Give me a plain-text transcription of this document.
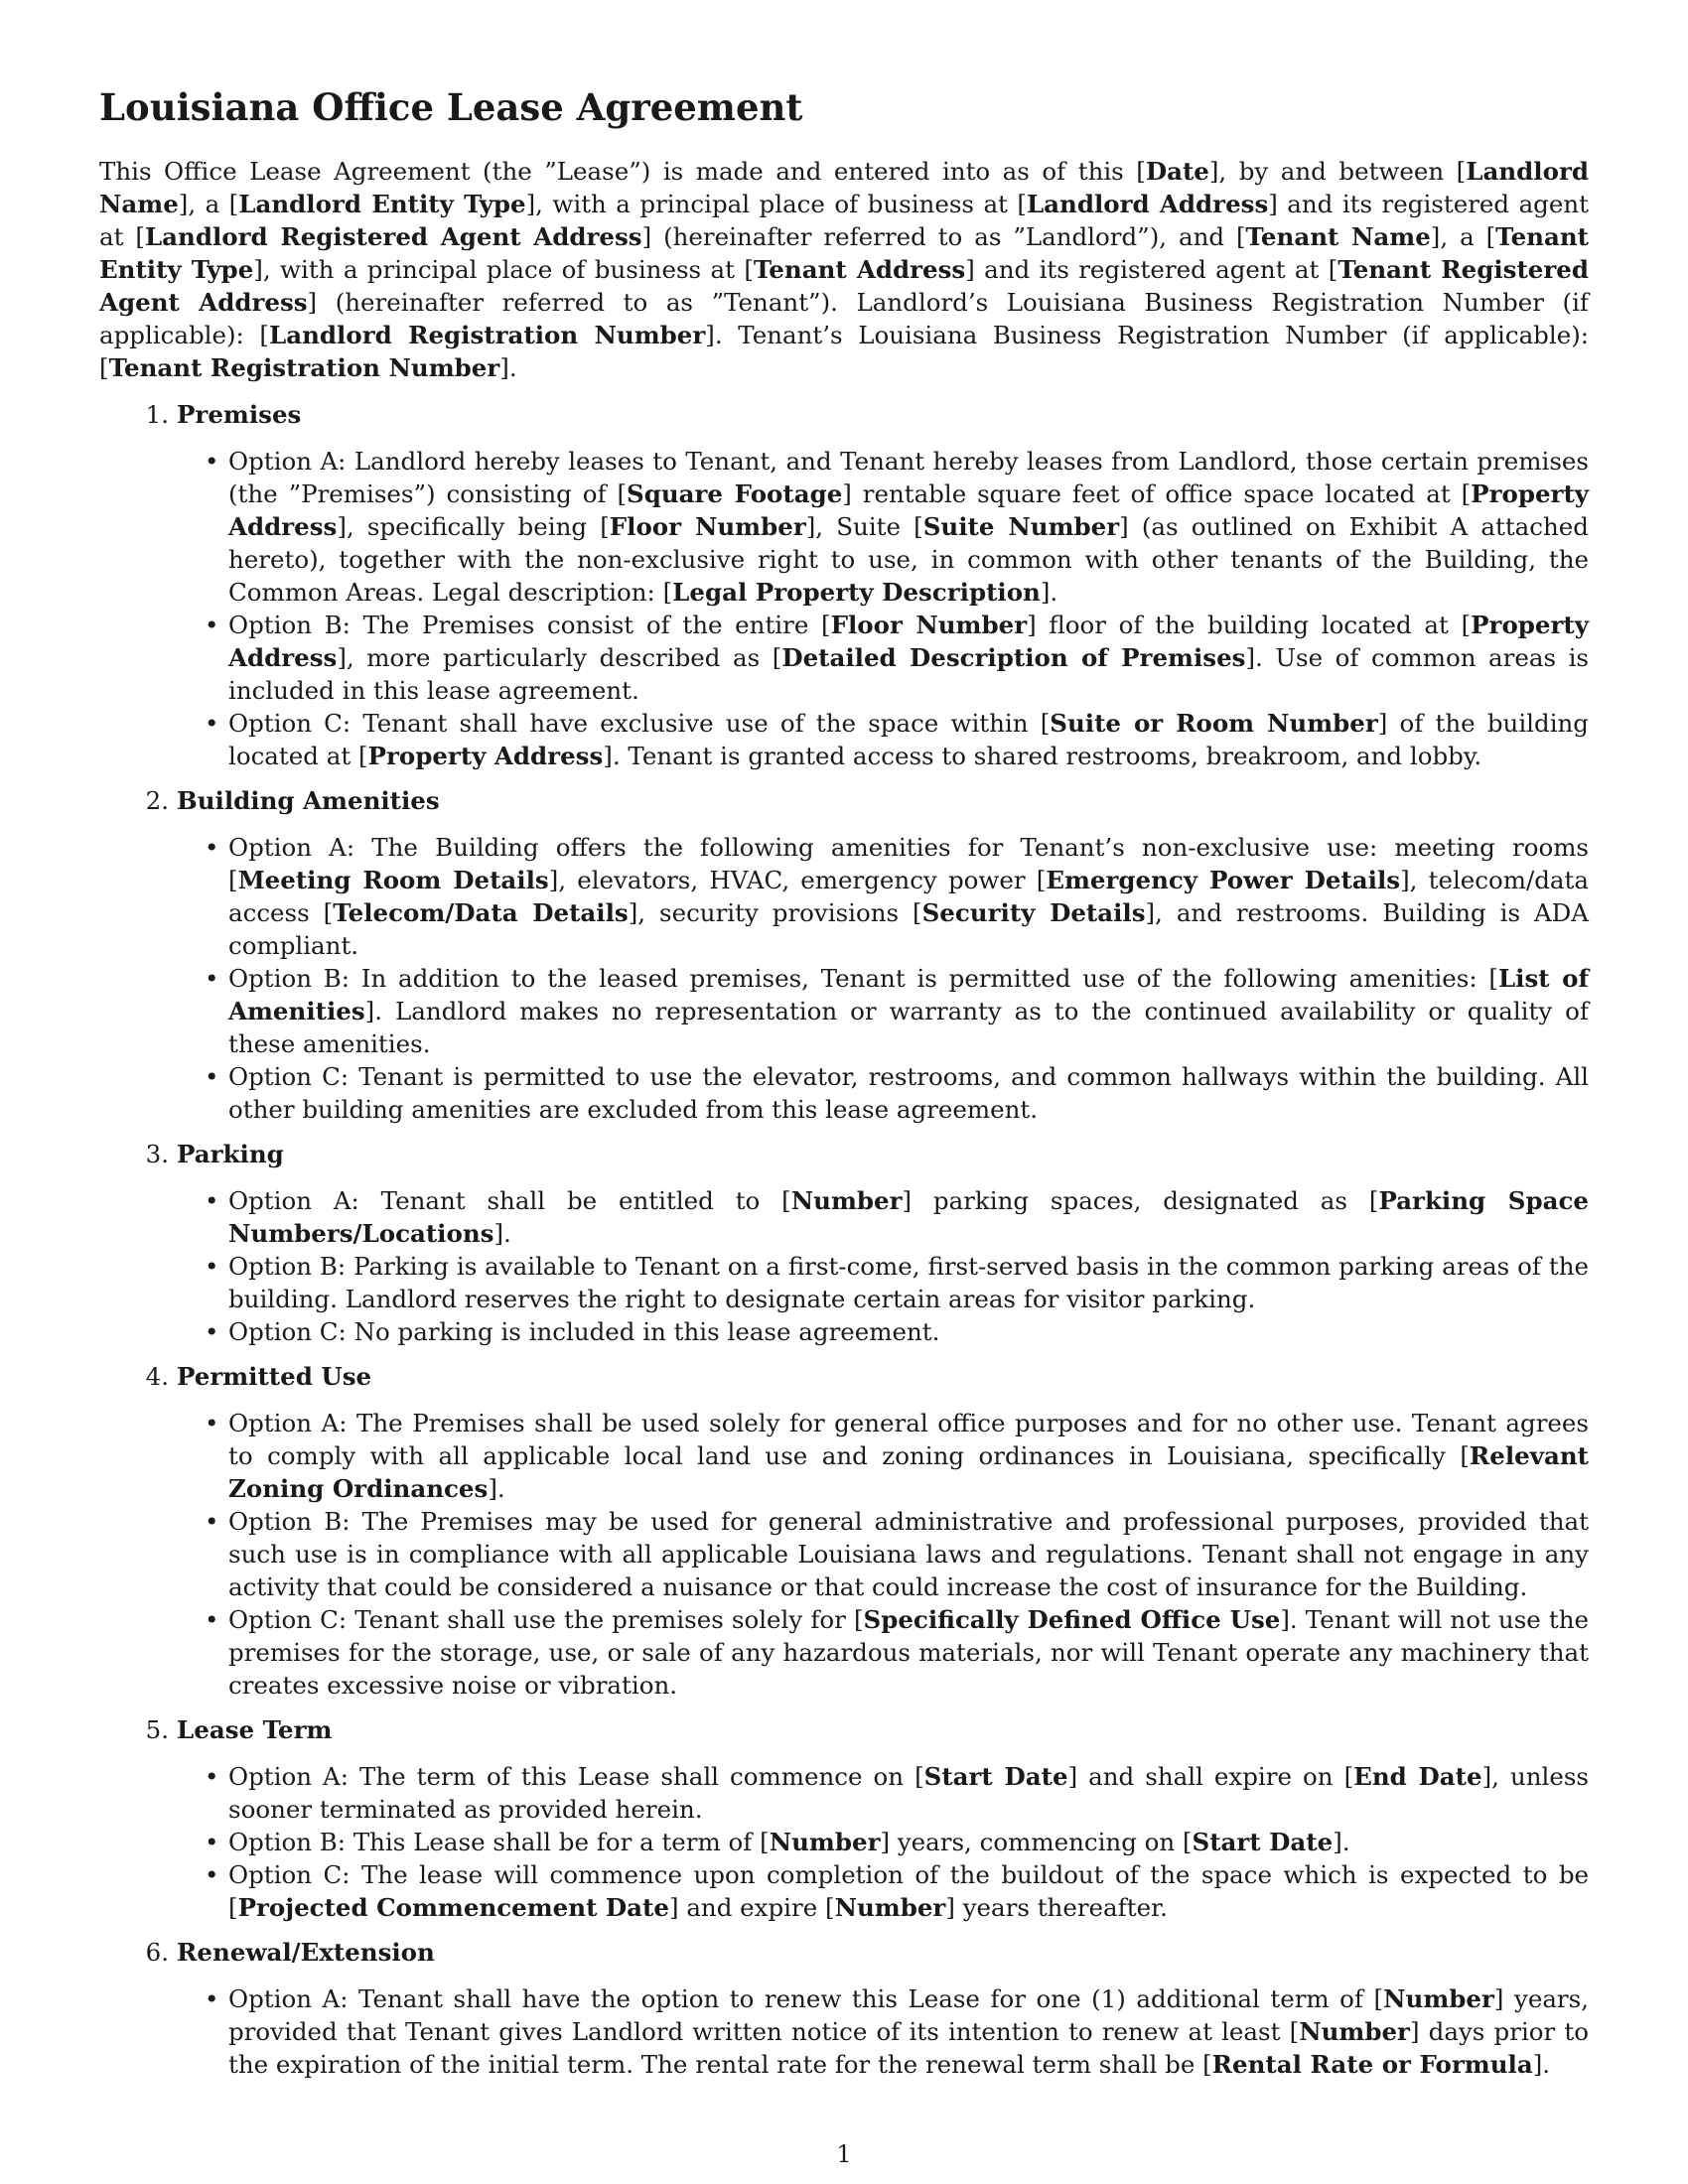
Louisiana Office Lease Agreement

This Office Lease Agreement (the ”Lease”) is made and entered into as of this [Date], by and between [Landlord Name], a [Landlord Entity Type], with a principal place of business at [Landlord Address] and its registered agent at [Landlord Registered Agent Address] (hereinafter referred to as ”Landlord”), and [Tenant Name], a [Tenant Entity Type], with a principal place of business at [Tenant Address] and its registered agent at [Tenant Registered Agent Address] (hereinafter referred to as ”Tenant”). Landlord’s Louisiana Business Registration Number (if applicable): [Landlord Registration Number]. Tenant’s Louisiana Business Registration Number (if applicable): [Tenant Registration Number].

1. Premises
• Option A: Landlord hereby leases to Tenant, and Tenant hereby leases from Landlord, those certain premises (the ”Premises”) consisting of [Square Footage] rentable square feet of office space located at [Property Address], specifically being [Floor Number], Suite [Suite Number] (as outlined on Exhibit A attached hereto), together with the non-exclusive right to use, in common with other tenants of the Building, the Common Areas. Legal description: [Legal Property Description].
• Option B: The Premises consist of the entire [Floor Number] floor of the building located at [Property Address], more particularly described as [Detailed Description of Premises]. Use of common areas is included in this lease agreement.
• Option C: Tenant shall have exclusive use of the space within [Suite or Room Number] of the building located at [Property Address]. Tenant is granted access to shared restrooms, breakroom, and lobby.
2. Building Amenities
• Option A: The Building offers the following amenities for Tenant’s non-exclusive use: meeting rooms [Meeting Room Details], elevators, HVAC, emergency power [Emergency Power Details], telecom/data access [Telecom/Data Details], security provisions [Security Details], and restrooms. Building is ADA compliant.
• Option B: In addition to the leased premises, Tenant is permitted use of the following amenities: [List of Amenities]. Landlord makes no representation or warranty as to the continued availability or quality of these amenities.
• Option C: Tenant is permitted to use the elevator, restrooms, and common hallways within the building. All other building amenities are excluded from this lease agreement.
3. Parking
• Option A: Tenant shall be entitled to [Number] parking spaces, designated as [Parking Space Numbers/Locations].
• Option B: Parking is available to Tenant on a first-come, first-served basis in the common parking areas of the building. Landlord reserves the right to designate certain areas for visitor parking.
• Option C: No parking is included in this lease agreement.
4. Permitted Use
• Option A: The Premises shall be used solely for general office purposes and for no other use. Tenant agrees to comply with all applicable local land use and zoning ordinances in Louisiana, specifically [Relevant Zoning Ordinances].
• Option B: The Premises may be used for general administrative and professional purposes, provided that such use is in compliance with all applicable Louisiana laws and regulations. Tenant shall not engage in any activity that could be considered a nuisance or that could increase the cost of insurance for the Building.
• Option C: Tenant shall use the premises solely for [Specifically Defined Office Use]. Tenant will not use the premises for the storage, use, or sale of any hazardous materials, nor will Tenant operate any machinery that creates excessive noise or vibration.
5. Lease Term
• Option A: The term of this Lease shall commence on [Start Date] and shall expire on [End Date], unless sooner terminated as provided herein.
• Option B: This Lease shall be for a term of [Number] years, commencing on [Start Date].
• Option C: The lease will commence upon completion of the buildout of the space which is expected to be [Projected Commencement Date] and expire [Number] years thereafter.
6. Renewal/Extension
• Option A: Tenant shall have the option to renew this Lease for one (1) additional term of [Number] years, provided that Tenant gives Landlord written notice of its intention to renew at least [Number] days prior to the expiration of the initial term. The rental rate for the renewal term shall be [Rental Rate or Formula].
1
